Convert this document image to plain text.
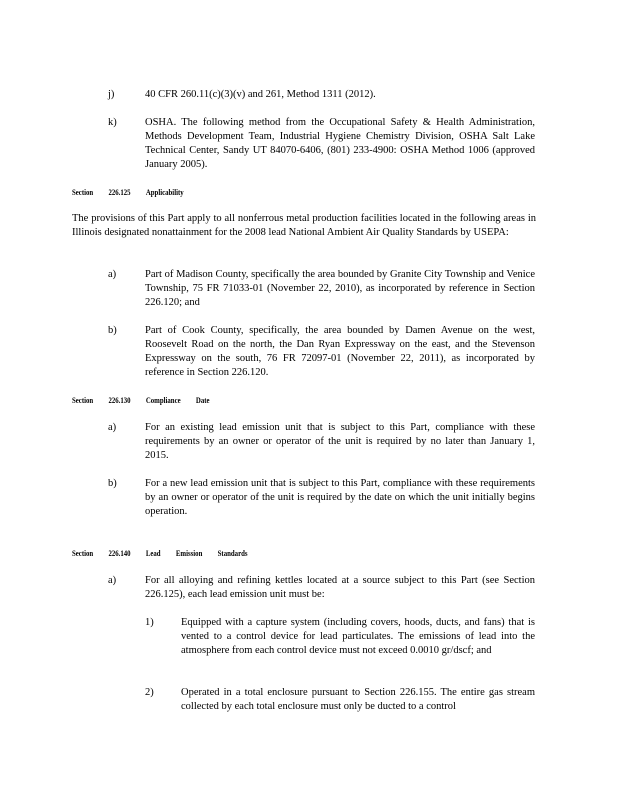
j)	40 CFR 260.11(c)(3)(v) and 261, Method 1311 (2012).
k)	OSHA. The following method from the Occupational Safety & Health Administration, Methods Development Team, Industrial Hygiene Chemistry Division, OSHA Salt Lake Technical Center, Sandy UT 84070-6406, (801) 233-4900: OSHA Method 1006 (approved January 2005).
Section 226.125 Applicability
The provisions of this Part apply to all nonferrous metal production facilities located in the following areas in Illinois designated nonattainment for the 2008 lead National Ambient Air Quality Standards by USEPA:
a)	Part of Madison County, specifically the area bounded by Granite City Township and Venice Township, 75 FR 71033-01 (November 22, 2010), as incorporated by reference in Section 226.120; and
b)	Part of Cook County, specifically, the area bounded by Damen Avenue on the west, Roosevelt Road on the north, the Dan Ryan Expressway on the east, and the Stevenson Expressway on the south, 76 FR 72097-01 (November 22, 2011), as incorporated by reference in Section 226.120.
Section 226.130 Compliance Date
a)	For an existing lead emission unit that is subject to this Part, compliance with these requirements by an owner or operator of the unit is required by no later than January 1, 2015.
b)	For a new lead emission unit that is subject to this Part, compliance with these requirements by an owner or operator of the unit is required by the date on which the unit initially begins operation.
Section 226.140 Lead Emission Standards
a)	For all alloying and refining kettles located at a source subject to this Part (see Section 226.125), each lead emission unit must be:
1)	Equipped with a capture system (including covers, hoods, ducts, and fans) that is vented to a control device for lead particulates. The emissions of lead into the atmosphere from each control device must not exceed 0.0010 gr/dscf; and
2)	Operated in a total enclosure pursuant to Section 226.155. The entire gas stream collected by each total enclosure must only be ducted to a control
